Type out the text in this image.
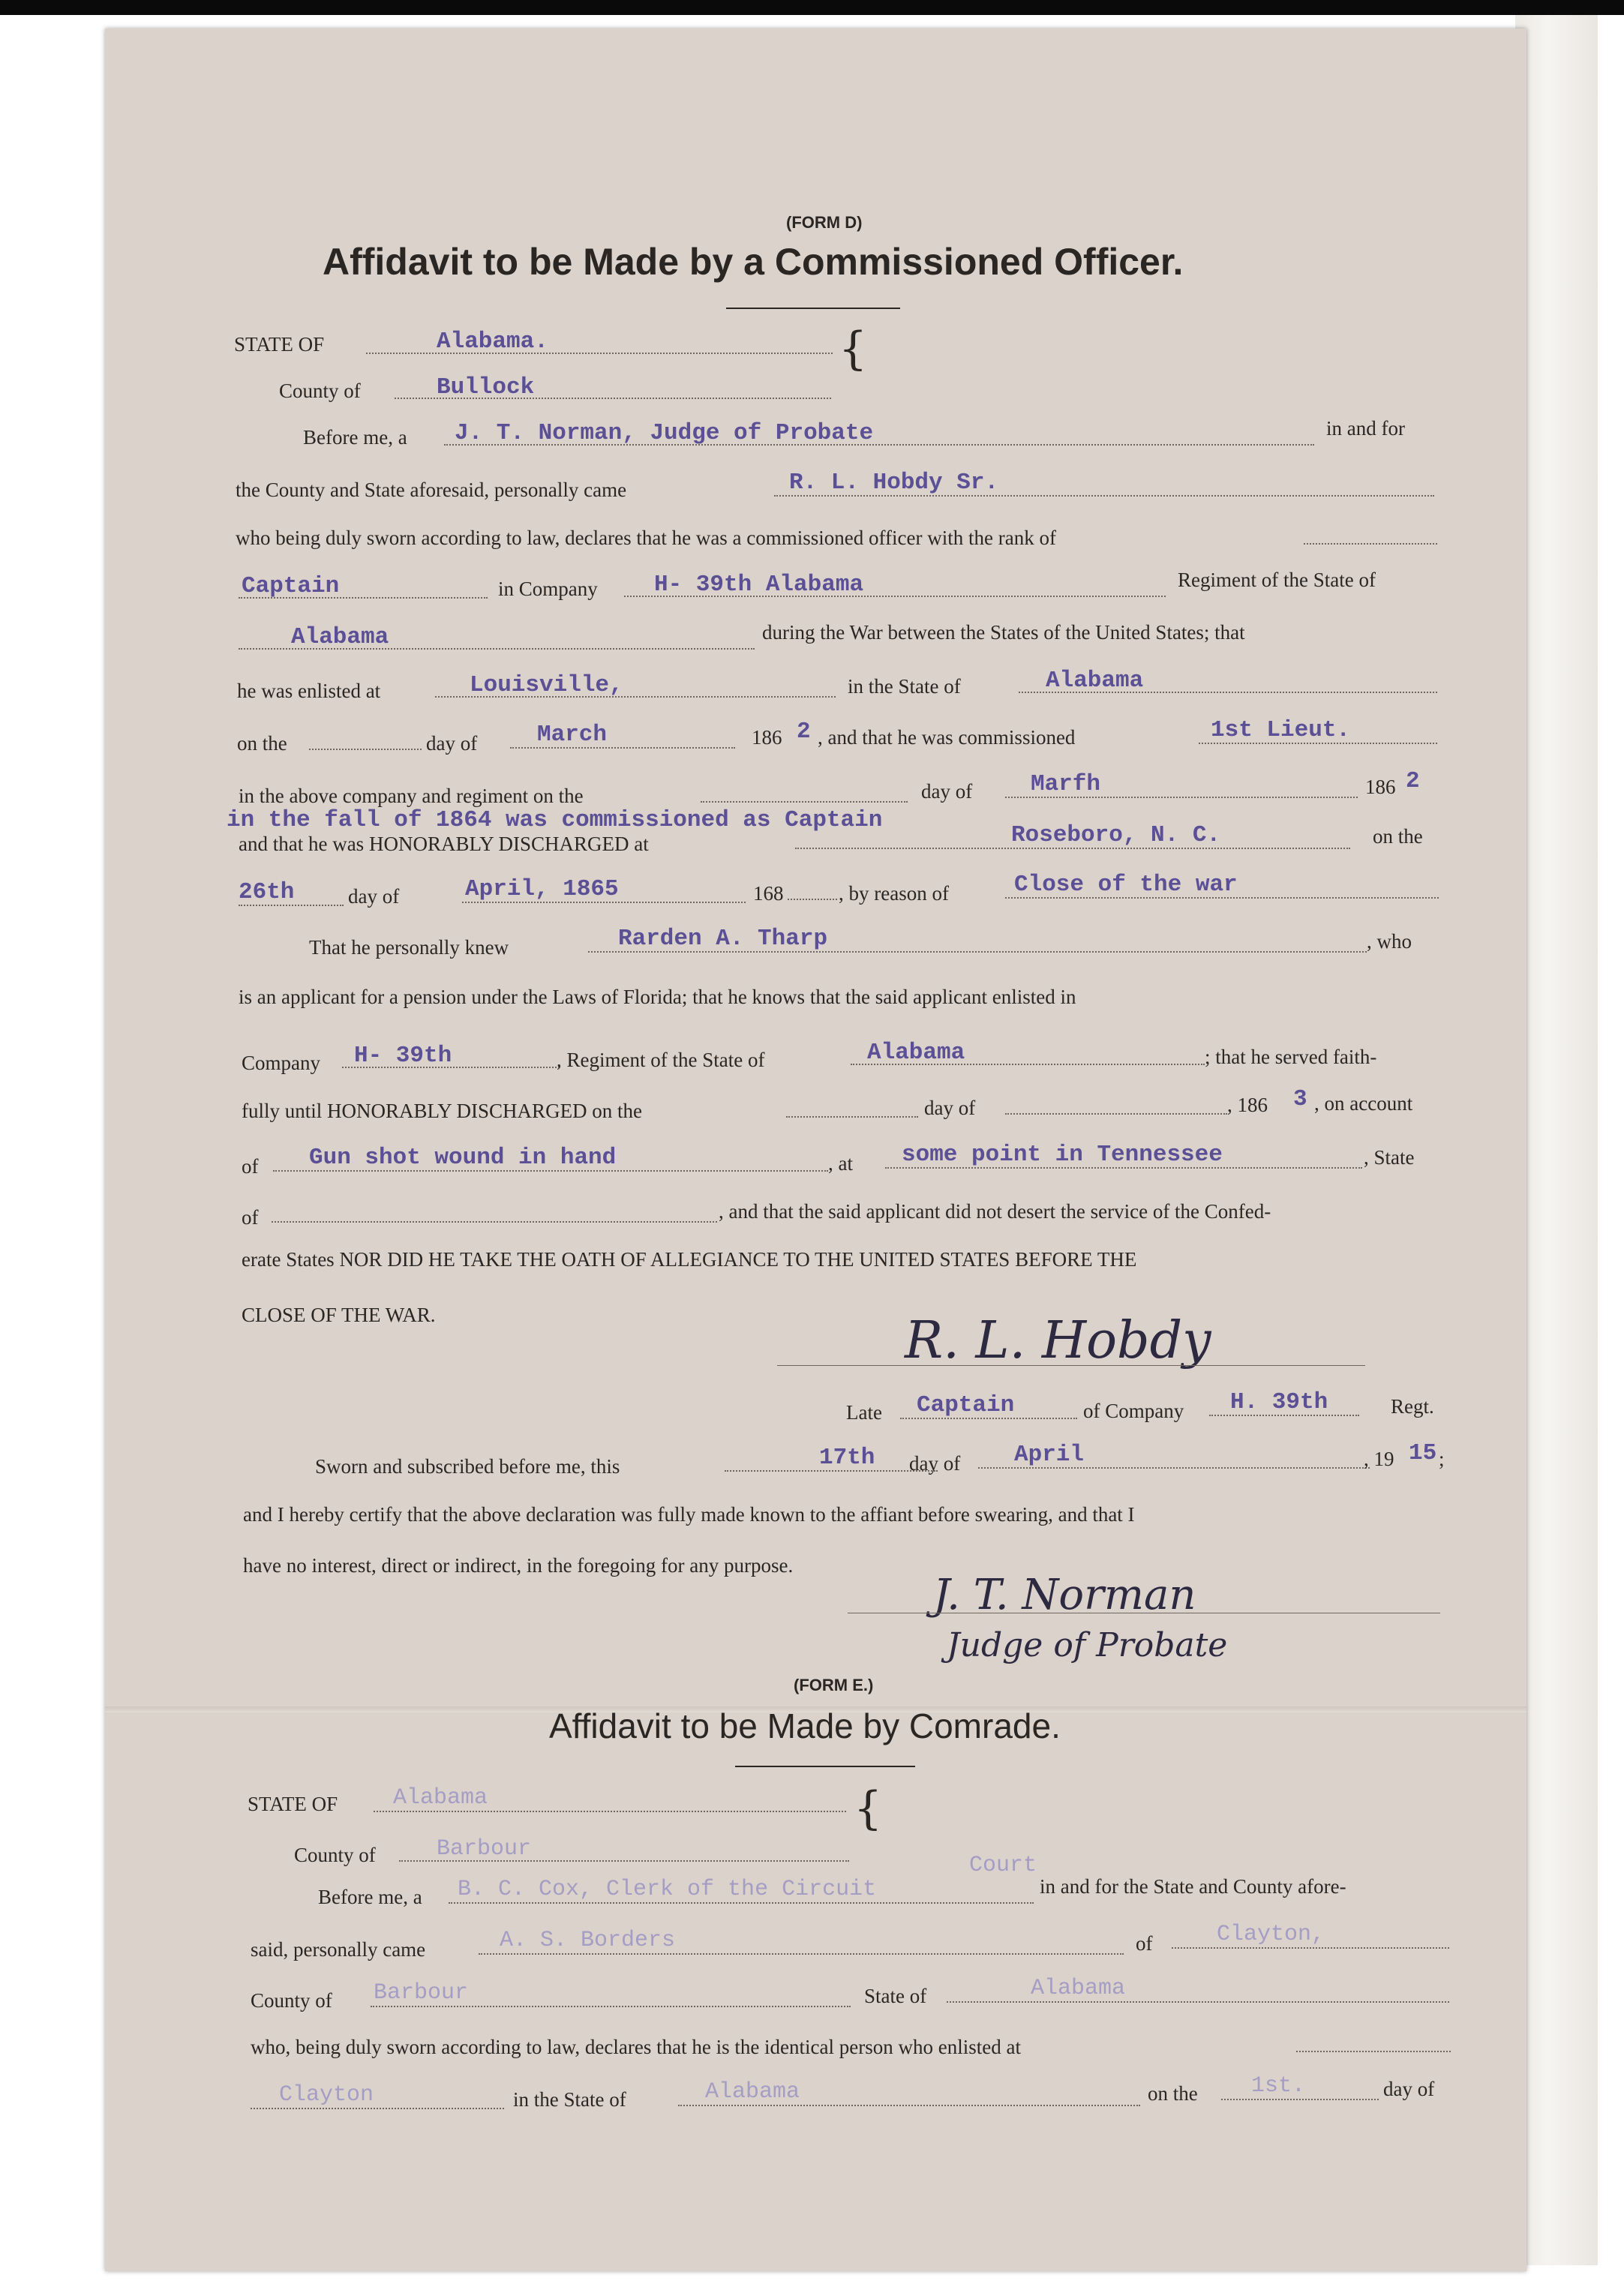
(FORM D)
Affidavit to be Made by a Commissioned Officer.
STATE OF	Alabama.
County of	Bullock
{
Before me, a J. T. Norman, Judge of Probate	in and for
the County and State aforesaid, personally came	R. L. Hobdy Sr.
who being duly sworn according to law, declares that he was a commissioned officer with the rank of
Captain	in Company H- 39th Alabama	Regiment of the State of
Alabama	during the War between the States of the United States; that
he was enlisted at	Louisville,	in the State of	Alabama
on the	day of	March	186 2 , and that he was commissioned	1st Lieut.
in the above company and regiment on the	day of	Marfh	186 2
in the fall of 1864 was commissioned as Captain
and that he was HONORABLY DISCHARGED at	Roseboro, N. C.	on the
26th	day of	April, 1865	168	, by reason of	Close of the war
That he personally knew	Rarden A. Tharp	, who
is an applicant for a pension under the Laws of Florida; that he knows that the said applicant enlisted in
Company H- 39th	, Regiment of the State of	Alabama	; that he served faith-
fully until HONORABLY DISCHARGED on the	day of	, 186 3 , on account
of Gun shot wound in hand	, at some point in Tennessee	, State
of	, and that the said applicant did not desert the service of the Confed-
erate States NOR DID HE TAKE THE OATH OF ALLEGIANCE TO THE UNITED STATES BEFORE THE
CLOSE OF THE WAR.	R. L. Hobdy
Late Captain	of Company H. 39th	Regt.
Sworn and subscribed before me, this	17th day of April	, 19 15 ;
and I hereby certify that the above declaration was fully made known to the affiant before swearing, and that I
have no interest, direct or indirect, in the foregoing for any purpose.
J. T. Norman
Judge of Probate
(FORM E.)
Affidavit to be Made by Comrade.
STATE OF Alabama
County of	Barbour
{
Before me, a B. C. Cox, Clerk of the Circuit
Court
in and for the State and County afore-
said, personally came	A. S. Borders	of	Clayton,
County of Barbour	State of	Alabama
who, being duly sworn according to law, declares that he is the identical person who enlisted at
Clayton	in the State of	Alabama	on the 1st.	day of
